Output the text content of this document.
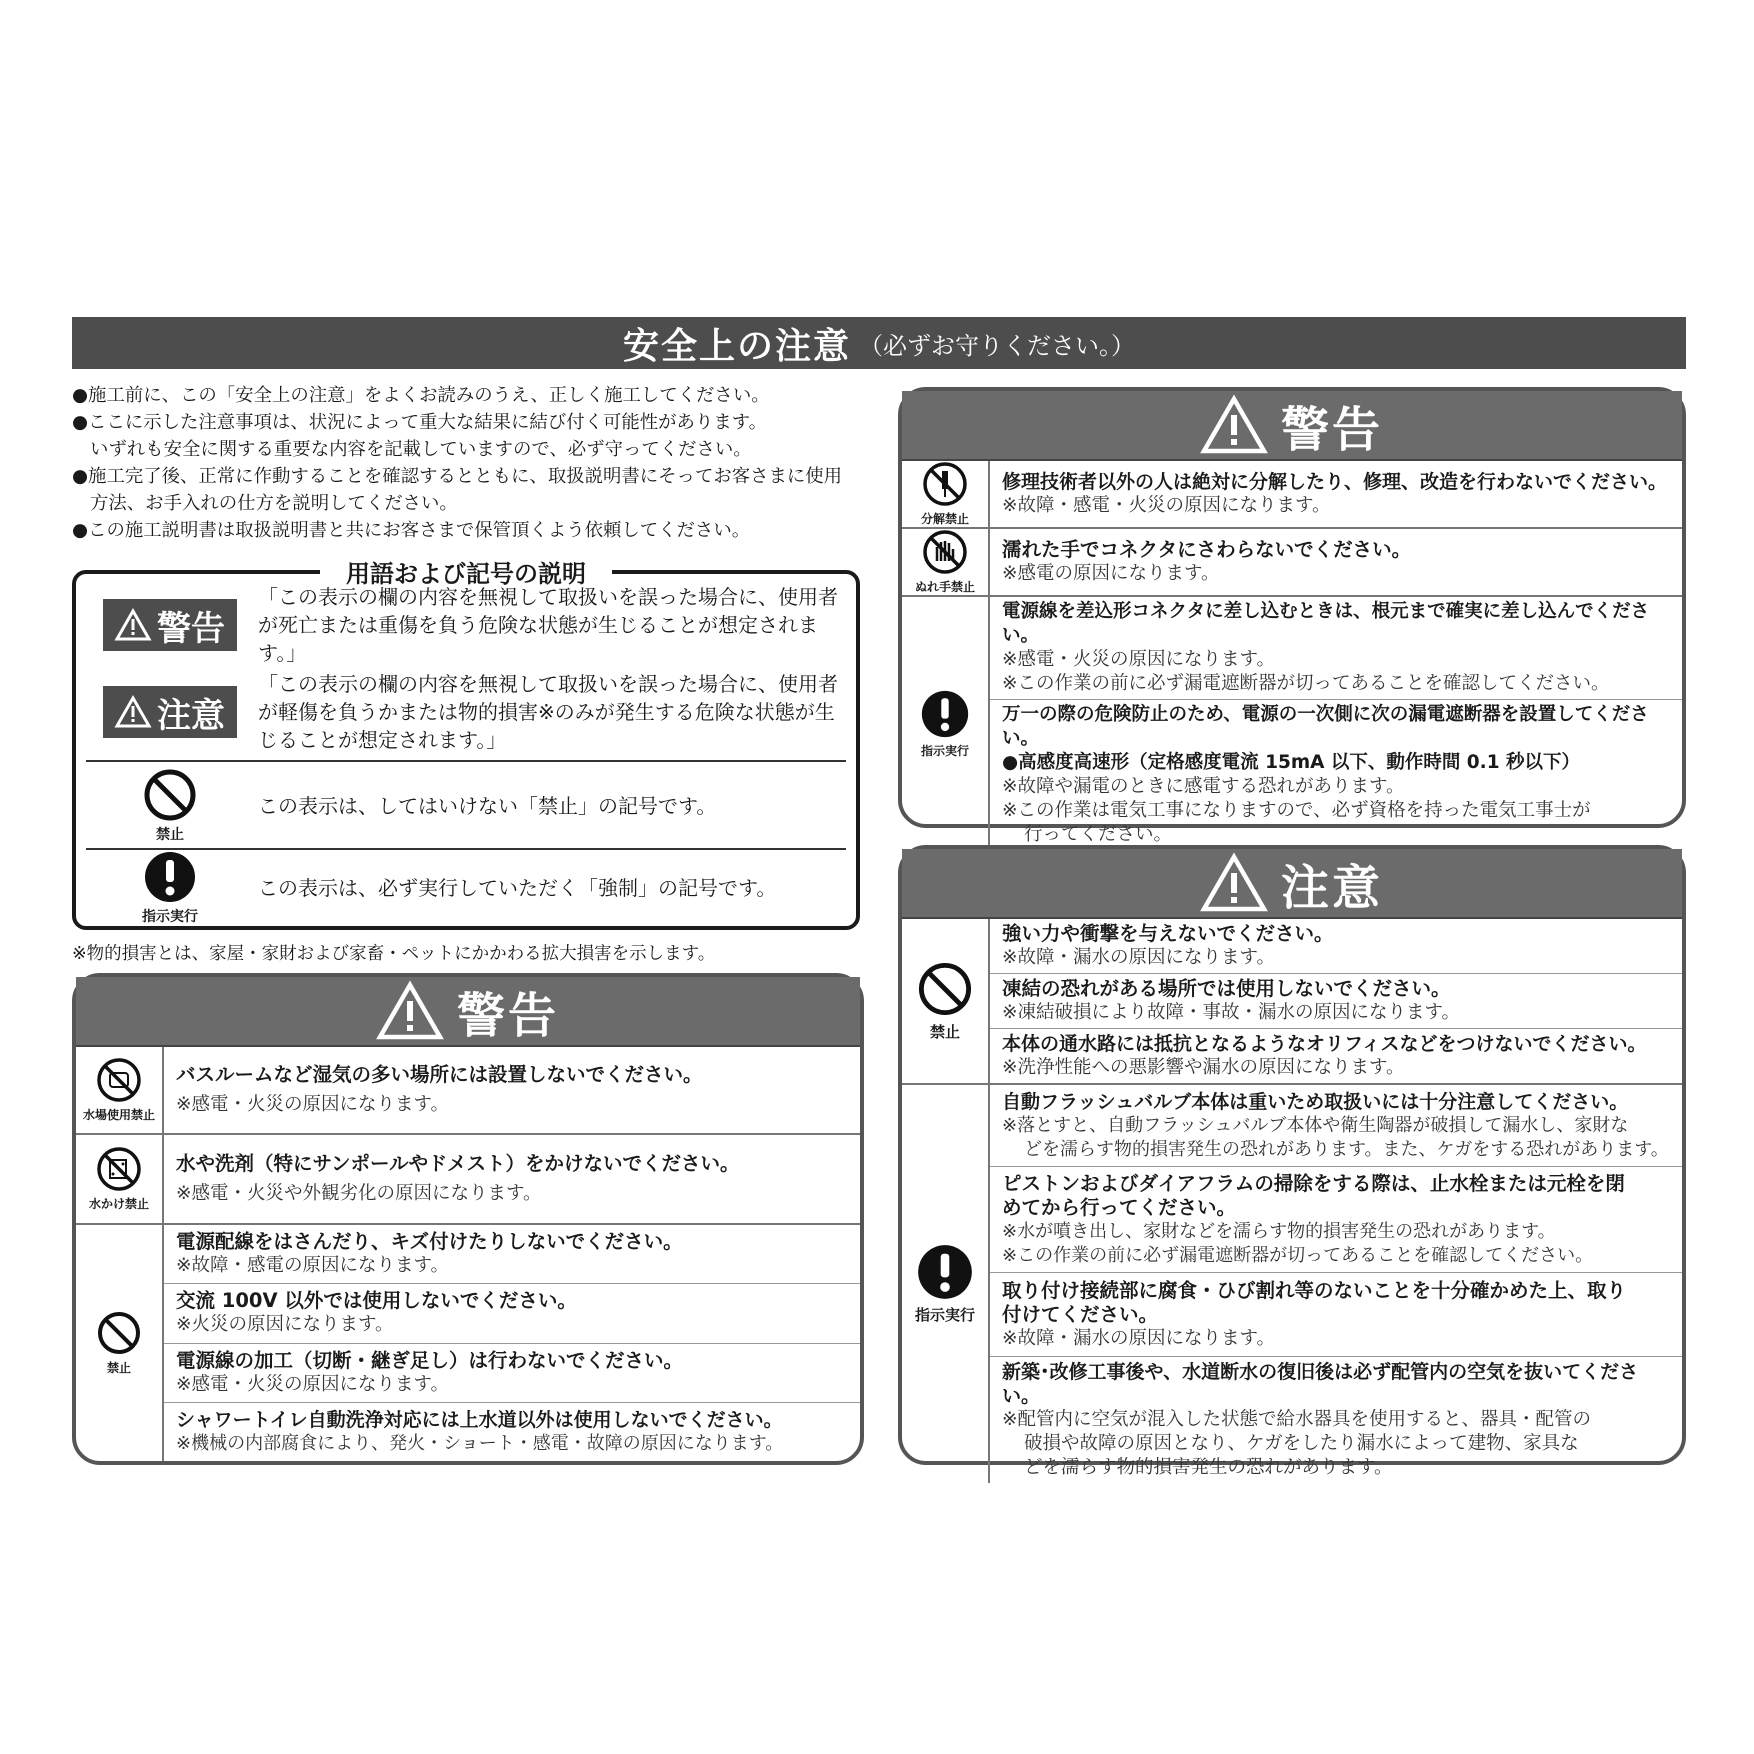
安全上の注意 （必ずお守りください。）
●施工前に、この「安全上の注意」をよくお読みのうえ、正しく施工してください。
●ここに示した注意事項は、状況によって重大な結果に結び付く可能性があります。
いずれも安全に関する重要な内容を記載していますので、必ず守ってください。
●施工完了後、正常に作動することを確認するとともに、取扱説明書にそってお客さまに使用
方法、お手入れの仕方を説明してください。
●この施工説明書は取扱説明書と共にお客さまで保管頂くよう依頼してください。
用語および記号の説明
警告
「この表示の欄の内容を無視して取扱いを誤った場合に、使用者が死亡または重傷を負う危険な状態が生じることが想定されます。」
注意
「この表示の欄の内容を無視して取扱いを誤った場合に、使用者が軽傷を負うかまたは物的損害※のみが発生する危険な状態が生じることが想定されます。」
禁止
この表示は、してはいけない「禁止」の記号です。
指示実行
この表示は、必ず実行していただく「強制」の記号です。
※物的損害とは、家屋・家財および家畜・ペットにかかわる拡大損害を示します。
警告
水場使用禁止
バスルームなど湿気の多い場所には設置しないでください。
※感電・火災の原因になります。
水かけ禁止
水や洗剤（特にサンポールやドメスト）をかけないでください。
※感電・火災や外観劣化の原因になります。
禁止
電源配線をはさんだり、キズ付けたりしないでください。
※故障・感電の原因になります。
交流 100V 以外では使用しないでください。
※火災の原因になります。
電源線の加工（切断・継ぎ足し）は行わないでください。
※感電・火災の原因になります。
シャワートイレ自動洗浄対応には上水道以外は使用しないでください。
※機械の内部腐食により、発火・ショート・感電・故障の原因になります。
警告
分解禁止
修理技術者以外の人は絶対に分解したり、修理、改造を行わないでください。
※故障・感電・火災の原因になります。
ぬれ手禁止
濡れた手でコネクタにさわらないでください。
※感電の原因になります。
指示実行
電源線を差込形コネクタに差し込むときは、根元まで確実に差し込んでください。
※感電・火災の原因になります。
※この作業の前に必ず漏電遮断器が切ってあることを確認してください。
万一の際の危険防止のため、電源の一次側に次の漏電遮断器を設置してください。
●高感度高速形（定格感度電流 15mA 以下、動作時間 0.1 秒以下）
※故障や漏電のときに感電する恐れがあります。
※この作業は電気工事になりますので、必ず資格を持った電気工事士が
行ってください。
注意
禁止
強い力や衝撃を与えないでください。
※故障・漏水の原因になります。
凍結の恐れがある場所では使用しないでください。
※凍結破損により故障・事故・漏水の原因になります。
本体の通水路には抵抗となるようなオリフィスなどをつけないでください。
※洗浄性能への悪影響や漏水の原因になります。
指示実行
自動フラッシュバルブ本体は重いため取扱いには十分注意してください。
※落とすと、自動フラッシュバルブ本体や衛生陶器が破損して漏水し、家財な
どを濡らす物的損害発生の恐れがあります。また、ケガをする恐れがあります。
ピストンおよびダイアフラムの掃除をする際は、止水栓または元栓を閉
めてから行ってください。
※水が噴き出し、家財などを濡らす物的損害発生の恐れがあります。
※この作業の前に必ず漏電遮断器が切ってあることを確認してください。
取り付け接続部に腐食・ひび割れ等のないことを十分確かめた上、取り
付けてください。
※故障・漏水の原因になります。
新築･改修工事後や、水道断水の復旧後は必ず配管内の空気を抜いてください。
※配管内に空気が混入した状態で給水器具を使用すると、器具・配管の
破損や故障の原因となり、ケガをしたり漏水によって建物、家具な
どを濡らす物的損害発生の恐れがあります。
